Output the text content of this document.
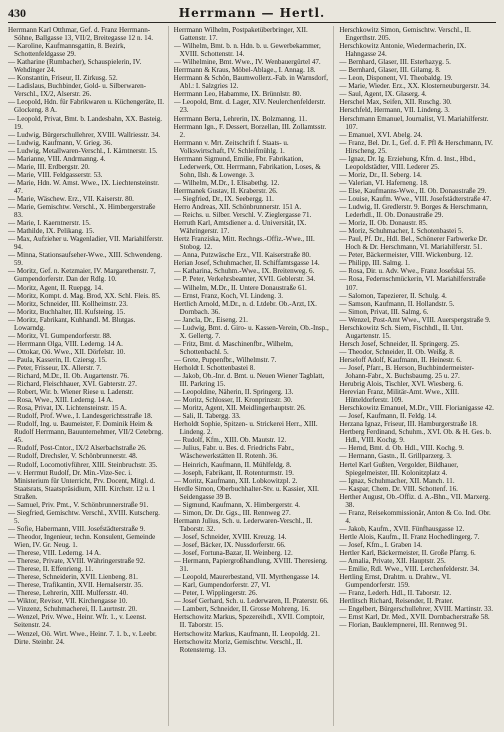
430	Herrmann — Hertl.

Herrmann Karl Otthmar, Gef. d. Franz Herrmann-Söhne, Ballgasse 13, VII/2, Breitegasse 12 n. 14.

— Karoline, Kaufmannsgattin, 8. Bezirk, Schottenfeldgasse 29.

— Katharine (Rumbacher), Schauspielerin, IV. Wehdinger 24.

— Konstantin, Friseur, II. Zirkusg. 52.

— Ladislaus, Buchbinder, Gold- u. Silberwaren-Verschl., IX/2, Alserstr. 26.

— Leopold, Hdn. für Fabrikwaren u. Küchengeräte, II. Glockeng. 8 A.

— Leopold, Privat, Bmt. b. Landesbahn, XX. Basteig. 19.

— Ludwig, Bürgerschullehrer, XVIII. Wallriesstr. 34.

— Ludwig, Kaufmann, V. Grieg. 36.

— Ludwig, Metallwaren-Verschl., I. Kärntnerstr. 15.

— Marianne, VIII. Andrmanng. 4.

— Marie, III. Erdbergstr. 20.

— Marie, VIII. Feldgasserstr. 53.

— Marie, Hdn. W. Amst. Wwe., IX. Liechtensteinstr. 47.

— Marie, Wäschew. Erz., VII. Kaiserstr. 80.

— Marie, Gemischtw. Verschl., X. Himbergerstraße 83.

— Marie, I. Kaerntnerstr. 15.

— Mathilde, IX. Pelikang. 15.

— Max, Aufzieher u. Wagenladier, VII. Mariahilferstr. 94.

— Minna, Stationsaufseher-Wwe., XIII. Schwendeng. 59.

— Moritz, Gef. n. Ketzmaier, IV. Margarethenstr. 7, Gumpendorferstr. Dan der Rdlg. 10.

— Moritz, Agent, II. Ruepgg. 14.

— Moritz, Kompt. d. Mag. Brod, XX. Schl. Fleis. 85.

— Moritz, Schneider, III. Kollheimstr. 23.

— Moritz, Buchhalter, III. Kufsteing. 15.

— Moritz, Fabrikant, Kuhhandl. M. Blutgas. Lowarndg.

— Moritz, VI. Gumpendorferstr. 88.

— Herrmann Olga, VIII. Lederng. 14 A.

— Ottokar, Oö. Wwe., XII. Dörfelstr. 10.

— Paula, Kasserin, II. Cziersg. 15.

— Peter, Frisseur, IX. Allerstr. 7.

— Richard, M.Dr., II. Ob. Augartenstr. 76.

— Richard, Fleischhauer, XVI. Gabterstr. 27.

— Robert, Wir. b. Wiener Riese u. Ladenstr.

— Rosa, Wwe., XIII. Lederng. 14 A.

— Rosa, Privat, IX. Lichtensteinstr. 15 A.

— Rudolf, Prof. Wwe., I. Landesgerichtsstraße 18.

— Rudolf, Ing. u. Baumeister, F. Dominik Heim & Rudolf Herrmann, Bauunternehmer, VII/2 Cetebrng. 45.

— Rudolf, Post-Cntor., IX/2 Alserbachstraße 26.

— Rudolf, Drechsler, V. Schönbrunnerstr. 48.

— Rudolf, Locomotivführer, XIII. Steinbruchstr. 35.

— v. Herrmut Rudolf, Dr. Min.-Vize-Sec. i. Ministerium für Unterricht, Prv. Docent, Mitgl. d. Staatsrats, Staatspräsidium, XIII. Kirchstr. 12 u. 1 Straßen.

— Samuel, Priv. Pmt., V. Schönbrunnerstraße 91.

— Siegfried, Gemischtw. Verschl., XVIII. Kutscherg. 5.

— Sofie, Habermann, VIII. Josefstädterstraße 9.

— Theodor, Ingenieur, techn. Konsulent, Gemeinde Wien, IV. Gr. Neug. 1.

— Therese, VIII. Lederng. 14 A.

— Therese, Private, XVIII. Währingerstraße 92.

— Therese, II. Effenrieng. 11.

— Therese, Schneiderin, XVII. Lienbeng. 81.

— Therese, Trafikantin, XVII. Hernalserstr. 35.

— Therese, Lehrerin, XIII. Mulfersstr. 40.

— Wiktor, Revisor, VII. Kirchengasse 10.

— Vinzenz, Schuhmacherei, II. Laurtnstr. 20.

— Wenzel, Priv. Wwe., Heinr. Wfr. 1., v. Leenst. Seitenstr. 24.

— Wenzel, Oö. Wirt. Wwe., Heinr. 7. 1. b., v. Leebr. Dirte. Steinbr. 24.

Herrmann Wilhelm, Postpaketüberbringer, XII. Gattenstr. 17.

— Wilhelm, Bmt. b. n. Hdn. b. u. Gewerbekammer, XVIII. Schottenstr. 14.

— Wilhelmine, Bmt. Wwe., IV. Wenbauergürtel 47.

Herrmann & Kraus, Möbel-Ablage., I. Annag. 18.

Herrmann & Schön, Baumwollerz.-Fab. in Warnsdorf, Abl.: I. Salzgries 12.

Herrmann Leo, Habamme, IX. Brünnlstr. 80.

— Leopold, Bmt. d. Lager, XIV. Neulerchenfelderstr. 23.

Herrmann Berta, Lehrerin, IX. Bolzmanng. 11.

Herrmann Ign., F. Dessert, Borzellan, III. Zollamtsstr. 2.

Herrmann v. Mrt. Zeitschrift f. Staats- u. Volkswirtschaft, IV. Schleifmühlg. 1.

Herrmann Sigmund, Emilie, Fbr. Fabrikation, Lederwerk, Ott. Herrmann, Fabrikation, Loses, & Sohn, Ilsh. & Lowenge. 3.

— Wilhelm, M.Dr., I. Elisabethg. 12.

Herrmanek Gustav, II. Kraberstr. 26.

— Siegfried, Dr., IX. Seebergg. 11.

Herro Andreas, XII. Schönbrunnerstr. 151 A.

— Reichs. u. Silber. Verschl. V. Zieglergasse 71.

Herruth Karl, Amtsdiener a. d. Universität, IX. Währingerstr. 17.

Hertz Franziska, Mitt. Rechngs.-Offiz.-Wwe., III. Stobog. 12.

— Anna, Putzwäsche Erz., VII. Kaiserstraße 80.

Herian Josef, Schuhmacher, II. Schiffamtsgasse 14.

— Katharina, Schuhm.-Wwe., IX. Breitenweg. 6.

— P. Peter, Verkehrsbeamter, XVII. Geblerstr. 34.

— Wilhelm, M.Dr., II. Untere Donaustraße 61.

— Ernst, Franz, Koch, VI. Lindeng. 3.

Hertlich Arnold, M.Dr., n. d. Ltdebr. Ob.-Arzt, IX. Dornbach. 36.

— Jancla, Dr., Eiseng. 21.

— Ludwig, Bmt. d. Giro- u. Kassen-Verein, Ob.-Insp., X. Gellertg. 7.

— Fritz, Bmt. d. Maschinenfbr., Wilhelm, Schottenbachl. 5.

— Grete, Puppenfbr., Wilhelmstr. 7.

Herholdt I. Schottenbastei 8.

— Jakob, Ob.-Inr. d. Bmt. u. Neuen Wiener Tagblatt, III. Parkring 15.

— Leopoldine, Näherin, II. Springerg. 13.

— Moritz, Schlosser, II. Kronprinzstr. 30.

— Moritz, Agent, XII. Meidlingerhauptstr. 26.

— Sali, II. Tabergg. 33.

Herholdt Sophie, Spitzen- u. Strickerei Herr., XIII. Lindeng. 2.

— Rudolf, Kfm., XIII. Ob. Mautstr. 12.

— Julius, Fabr. u. Bes. d. Friedrichs Fabr., Wäschewerkstätten II. Rotenh. 36.

— Heinrich, Kaufmann, II. Mühlfeldg. 8.

— Joseph, Fabrikant, II. Rotenturmstr. 19.

— Moritz, Kaufmann, XII. Lobkowitzpl. 2.

Herdle Simon, Oberbuchhalter-Stv. u. Kassier, XII. Seidengasse 39 B.

— Sigmund, Kaufmann, X. Himbergerstr. 4.

— Simon, Dr. Dr. Ggs., III. Rennweg 27.

Hermann Julius, Sch. u. Lederwaren-Verschl., II. Taborstr. 32.

— Josef, Schneider, XVIII. Kreuzg. 14.

— Josef, Bäcker, IX. Nussdorferstr. 66.

— Josef, Fortuna-Bazar, II. Weinberg. 12.

— Hermann, Papiergroßhandlung, XVIII. Theresieng. 31.

— Leopold, Maurerbestand, VII. Myrthengasse 14.

— Karl, Gumpendorferstr. 27, VI.

— Peter, I. Wipplingerstr. 26.

— Josef Gerhard, Sch. u. Lederwaren, II. Praterstr. 66.

— Lambert, Schneider, II. Grosse Mohreng. 16.

Hertschowitz Markus, Spezereihdl., XVII. Comptoir, II. Taborstr. 15.

Hertschowitz Markus, Kaufmann, II. Leopoldg. 21.

Hertschowitz Moriz, Gemischtw. Verschl., II. Rotensterng. 13.

Herschkowitz Simon, Gemischtw. Verschl., II. Engerthstr. 205.

Herschkowitz Antonie, Wiedermacherin, IX. Hahngasse 24.

— Bernhard, Glaser, III. Esterhazyg. 5.

— Bernhard, Glaser, III. Gilamg. 8.

— Leon, Disponent, VI. Theobaldg. 19.

— Marie, Wieder. Erz., XX. Klosterneuburgerstr. 34.

— Saul, Agent, IX. Glaserg. 4.

Herschel Max, Seifen, XII. Ruschg. 30.

Herschfeld, Hermann, VII. Lindeng. 3.

Herschmann Emanuel, Journalist, VI. Mariahilferstr. 107.

— Emanuel, XVI. Abelg. 24.

— Franz, Bel. Dr. I., Gef. d. F. Pfl & Herschmann, IV. Hirscheng. 25.

— Ignaz, Dr. Ig. Erziehung, Kfm. d. Inst., Hbd., Leopoldstädter, VIII. Lederer 25.

— Moriz, Dr., II. Seberg. 14.

— Valerian, VI. Haferneng. 18.

— Else, Kaufmanns-Wwe., II. Ob. Donaustraße 29.

— Louise, Kaufm. Wwe., VIII. Josefstädterstraße 47.

— Ludwig, II. Gredlerstr. 9. Borges & Herschmann, Lederhdl., II. Ob. Donaustraße 29.

— Moriz, II. Ob. Donaustr. 85.

— Moriz, Schuhmacher, I. Schotenbastei 5.

— Paul, Pf. Dr., Hdl. Bel., Schönerer Farbwerke Dr. Hoch & Dr. Herschmann, VI. Mariahilferstr. 51.

— Peter, Bäckermeister, VIII. Wickenburg. 12.

— Philipp, III. Salmg. 1.

— Rosa, Dir. u. Adv. Wwe., Franz Josefskai 55.

— Rosa, Federnschmückerin, VI. Mariahilferstraße 107.

— Salomon, Tapezierer, II. Schulg. 4.

— Samson, Kaufmann, II. Hollandstr. 5.

— Simon, Privat, III. Salmg. 6.

— Wenzel, Post-Amt Wwe., VIII. Auerspergstraße 9.

Herschkowitz Sch. Siem, Fischhdl., II. Unt. Augartenstr. 15.

Hersch Josef, Schneider, II. Springerg. 25.

— Theodor, Schneider, II. Ob. Weißg. 8.

Herseloff Adolf, Kaufmann, II. Heinestr. 6.

— Josef, Pfarr., B. Herson, Buchbindermeister-Johann-Fabr., X. Buchsbaumg. 25 u. 27.

Herubrig Alois, Tischler, XVI. Wiesberg. 6.

Herevian Franz, Militär-Amt. Wwe., XIII. Hütteldorferstr. 109.

Herschkowitz Emanuel, M.Dr., VIII. Florianigasse 42.

— Josef, Kaufmann, II. Feldg. 14.

Herzana Ignaz, Friseur, III. Hamburgerstraße 18.

Hertberg Ferdinand, Schuhm., XVI. Ob. & H. Ges. b. Hdl., VIII. Kochg. 9.

— Hernd, Bmt. d. Ob. Hdl., VIII. Kochg. 9.

— Hermann, Gastn., II. Grillparzerg. 3.

Hertel Karl Gußten, Vergolder, Bildhauer, Spiegelmeister, III. Kolonitzplatz 4.

— Ignaz, Schuhmacher, XII. Manch. 11.

— Kaspar, Chem. Dr. VIII. Schottenf. 16.

Herther August, Ob.-Offiz. d. A.-Bhn., VII. Marxerg. 38.

— Franz, Reisekommissionär, Anton & Co. Ind. Obr. 4.

— Jakob, Kaufm., XVII. Fünfhausgasse 12.

Hertle Alois, Kaufm., II. Franz Hochedlingerg. 7.

— Josef, Kfm., I. Graben 14.

Hertler Karl, Bäckermeister, II. Große Pfarrg. 6.

— Amalia, Private, XII. Hauptstr. 25.

— Emilie, Rdl. Wwe., VIII. Lerchenfelderstr. 34.

Hertling Ernst, Drahtm. u. Drahtw., VI. Gumpendorferstr. 159.

— Franz, Lederh. Hdl., II. Taborstr. 12.

Hertlitsch Richard, Reisender, II. Prater.

— Engelbert, Bürgerschullehrer, XVIII. Martinstr. 33.

— Ernst Karl, Dr. Med., XVII. Dornbacherstraße 58.

— Florian, Bauklempnerei, III. Rennweg 91.
